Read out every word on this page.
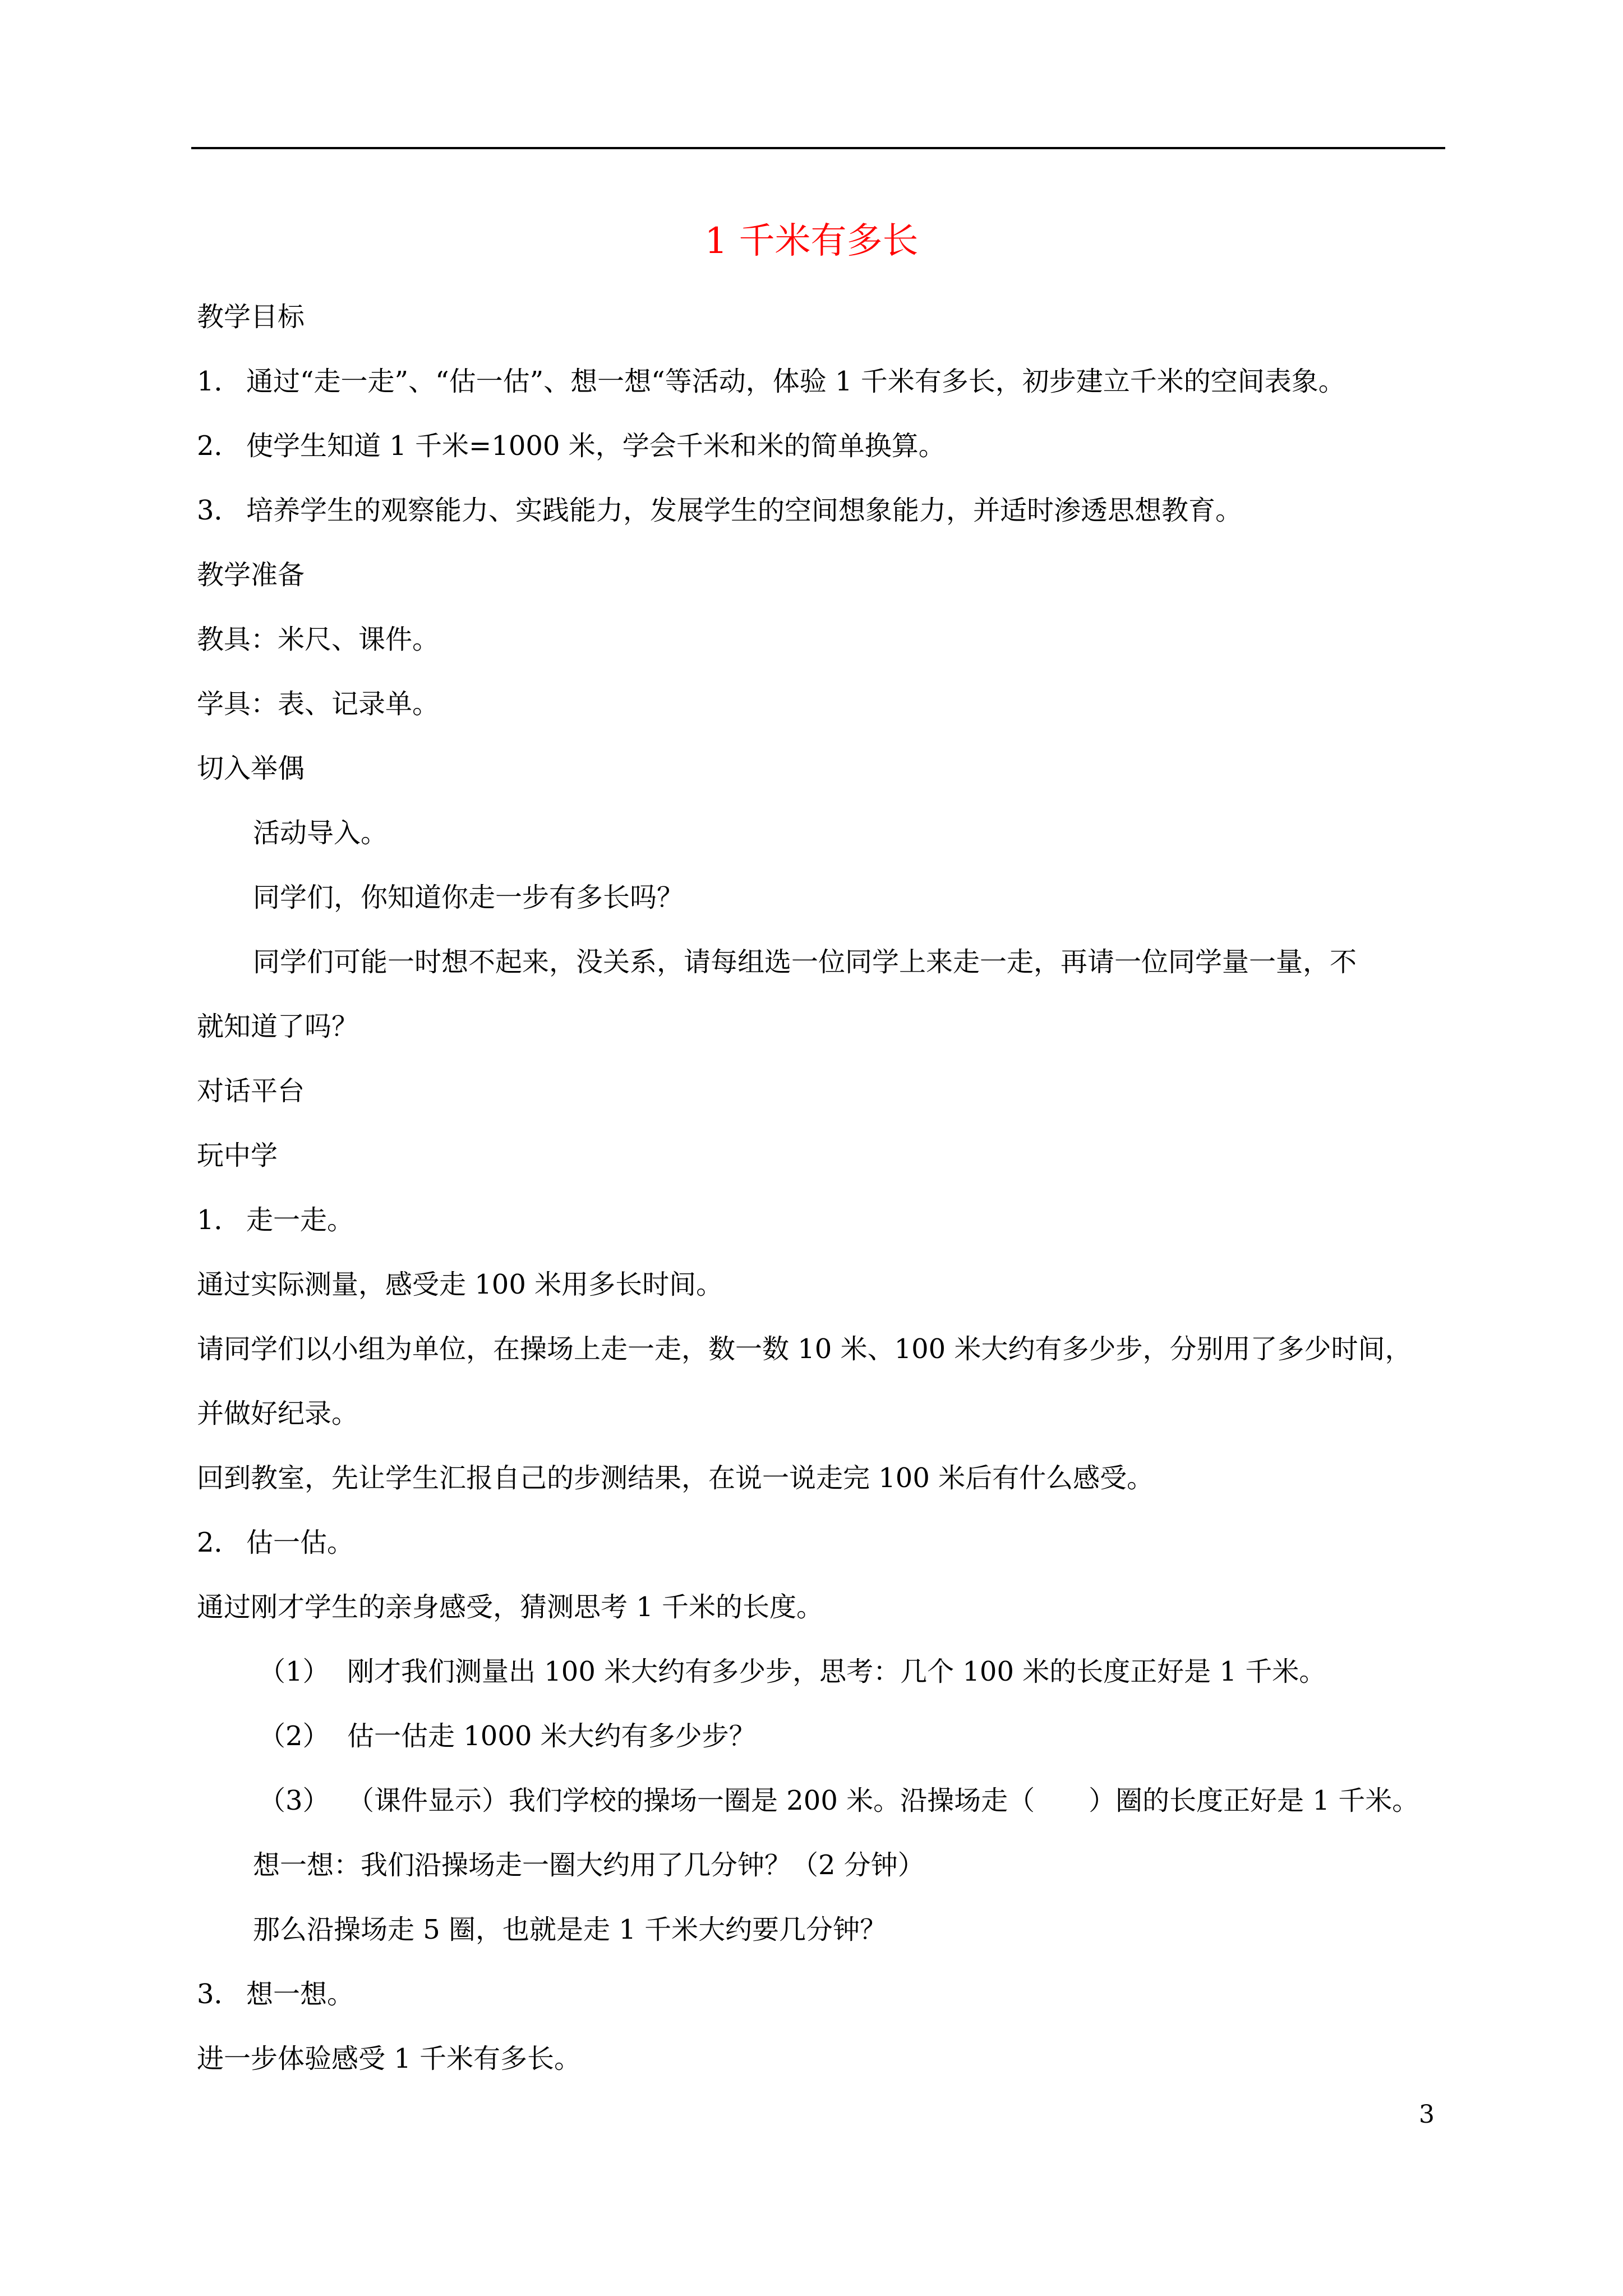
1 千米有多长

教学目标

1． 通过“走一走”、“估一估”、想一想“等活动，体验 1 千米有多长，初步建立千米的空间表象。

2． 使学生知道 1 千米=1000 米，学会千米和米的简单换算。

3． 培养学生的观察能力、实践能力，发展学生的空间想象能力，并适时渗透思想教育。

教学准备

教具：米尺、课件。

学具：表、记录单。

切入举偶

活动导入。

同学们，你知道你走一步有多长吗？

同学们可能一时想不起来，没关系，请每组选一位同学上来走一走，再请一位同学量一量，不

就知道了吗？

对话平台

玩中学

1． 走一走。

通过实际测量，感受走 100 米用多长时间。

请同学们以小组为单位，在操场上走一走，数一数 10 米、100 米大约有多少步，分别用了多少时间，

并做好纪录。

回到教室，先让学生汇报自己的步测结果，在说一说走完 100 米后有什么感受。

2． 估一估。

通过刚才学生的亲身感受，猜测思考 1 千米的长度。

（1） 刚才我们测量出 100 米大约有多少步，思考：几个 100 米的长度正好是 1 千米。

（2） 估一估走 1000 米大约有多少步？

（3） （课件显示）我们学校的操场一圈是 200 米。沿操场走（　　）圈的长度正好是 1 千米。

想一想：我们沿操场走一圈大约用了几分钟？（2 分钟）

那么沿操场走 5 圈，也就是走 1 千米大约要几分钟？

3． 想一想。

进一步体验感受 1 千米有多长。

3
